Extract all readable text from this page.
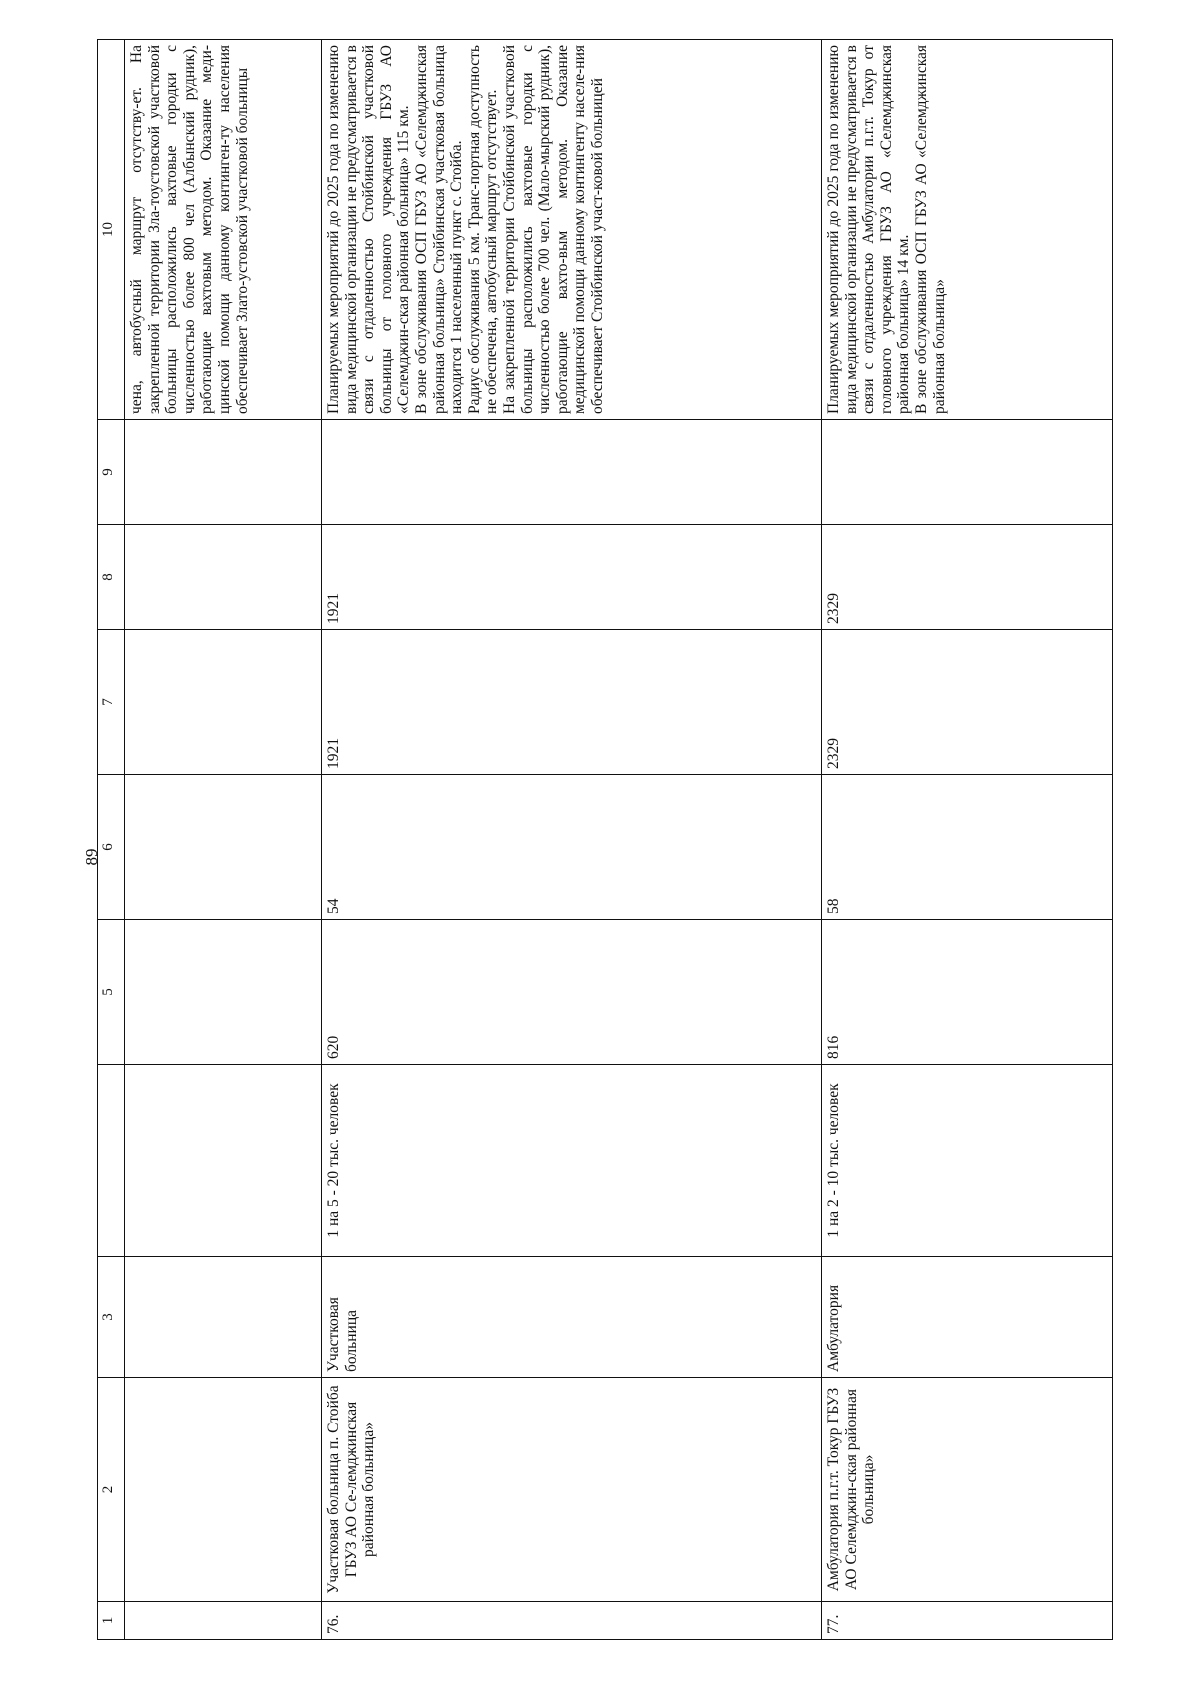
89
1	2	3		5	6	7	8	9	10
									чена, автобусный маршрут отсутству-ет. На закрепленной территории Зла-тоустовской участковой больницы расположились вахтовые городки с численностью более 800 чел (Албынский рудник), работающие вахтовым методом. Оказание меди-цинской помощи данному континген-ту населения обеспечивает Злато-устовской участковой больницы
76.	Участковая больница п. Стойба ГБУЗ АО Се-лемджинская районная больница»	Участковая больница	1 на 5 - 20 тыс. человек	620	54	1921	1921		Планируемых мероприятий до 2025 года по изменению вида медицинской организации не предусматривается в связи с отдаленностью Стойбинской участковой больницы от головного учреждения ГБУЗ АО «Селемджин-ская районная больница» 115 км.
В зоне обслуживания ОСП ГБУЗ АО «Селемджинская районная больница» Стойбинская участковая больница находится 1 населенный пункт с. Стойба.
Радиус обслуживания 5 км. Транс-портная доступность не обеспечена, автобусный маршрут отсутствует.
На закрепленной территории Стойбинской участковой больницы расположились вахтовые городки с численностью более 700 чел. (Мало-мырский рудник), работающие вахто-вым методом. Оказание медицинской помощи данному контингенту населе-ния обеспечивает Стойбинской участ-ковой больницей
77.	Амбулатория п.г.т. Токур ГБУЗ АО Селемджин-ская районная больница»	Амбулатория	1 на 2 - 10 тыс. человек	816	58	2329	2329		Планируемых мероприятий до 2025 года по изменению вида медицинской организации не предусматривается в связи с отдаленностью Амбулатории п.г.т. Токур от головного учреждения ГБУЗ АО «Селемджинская районная больница» 14 км.
В зоне обслуживания ОСП ГБУЗ АО «Селемджинская районная больница»
